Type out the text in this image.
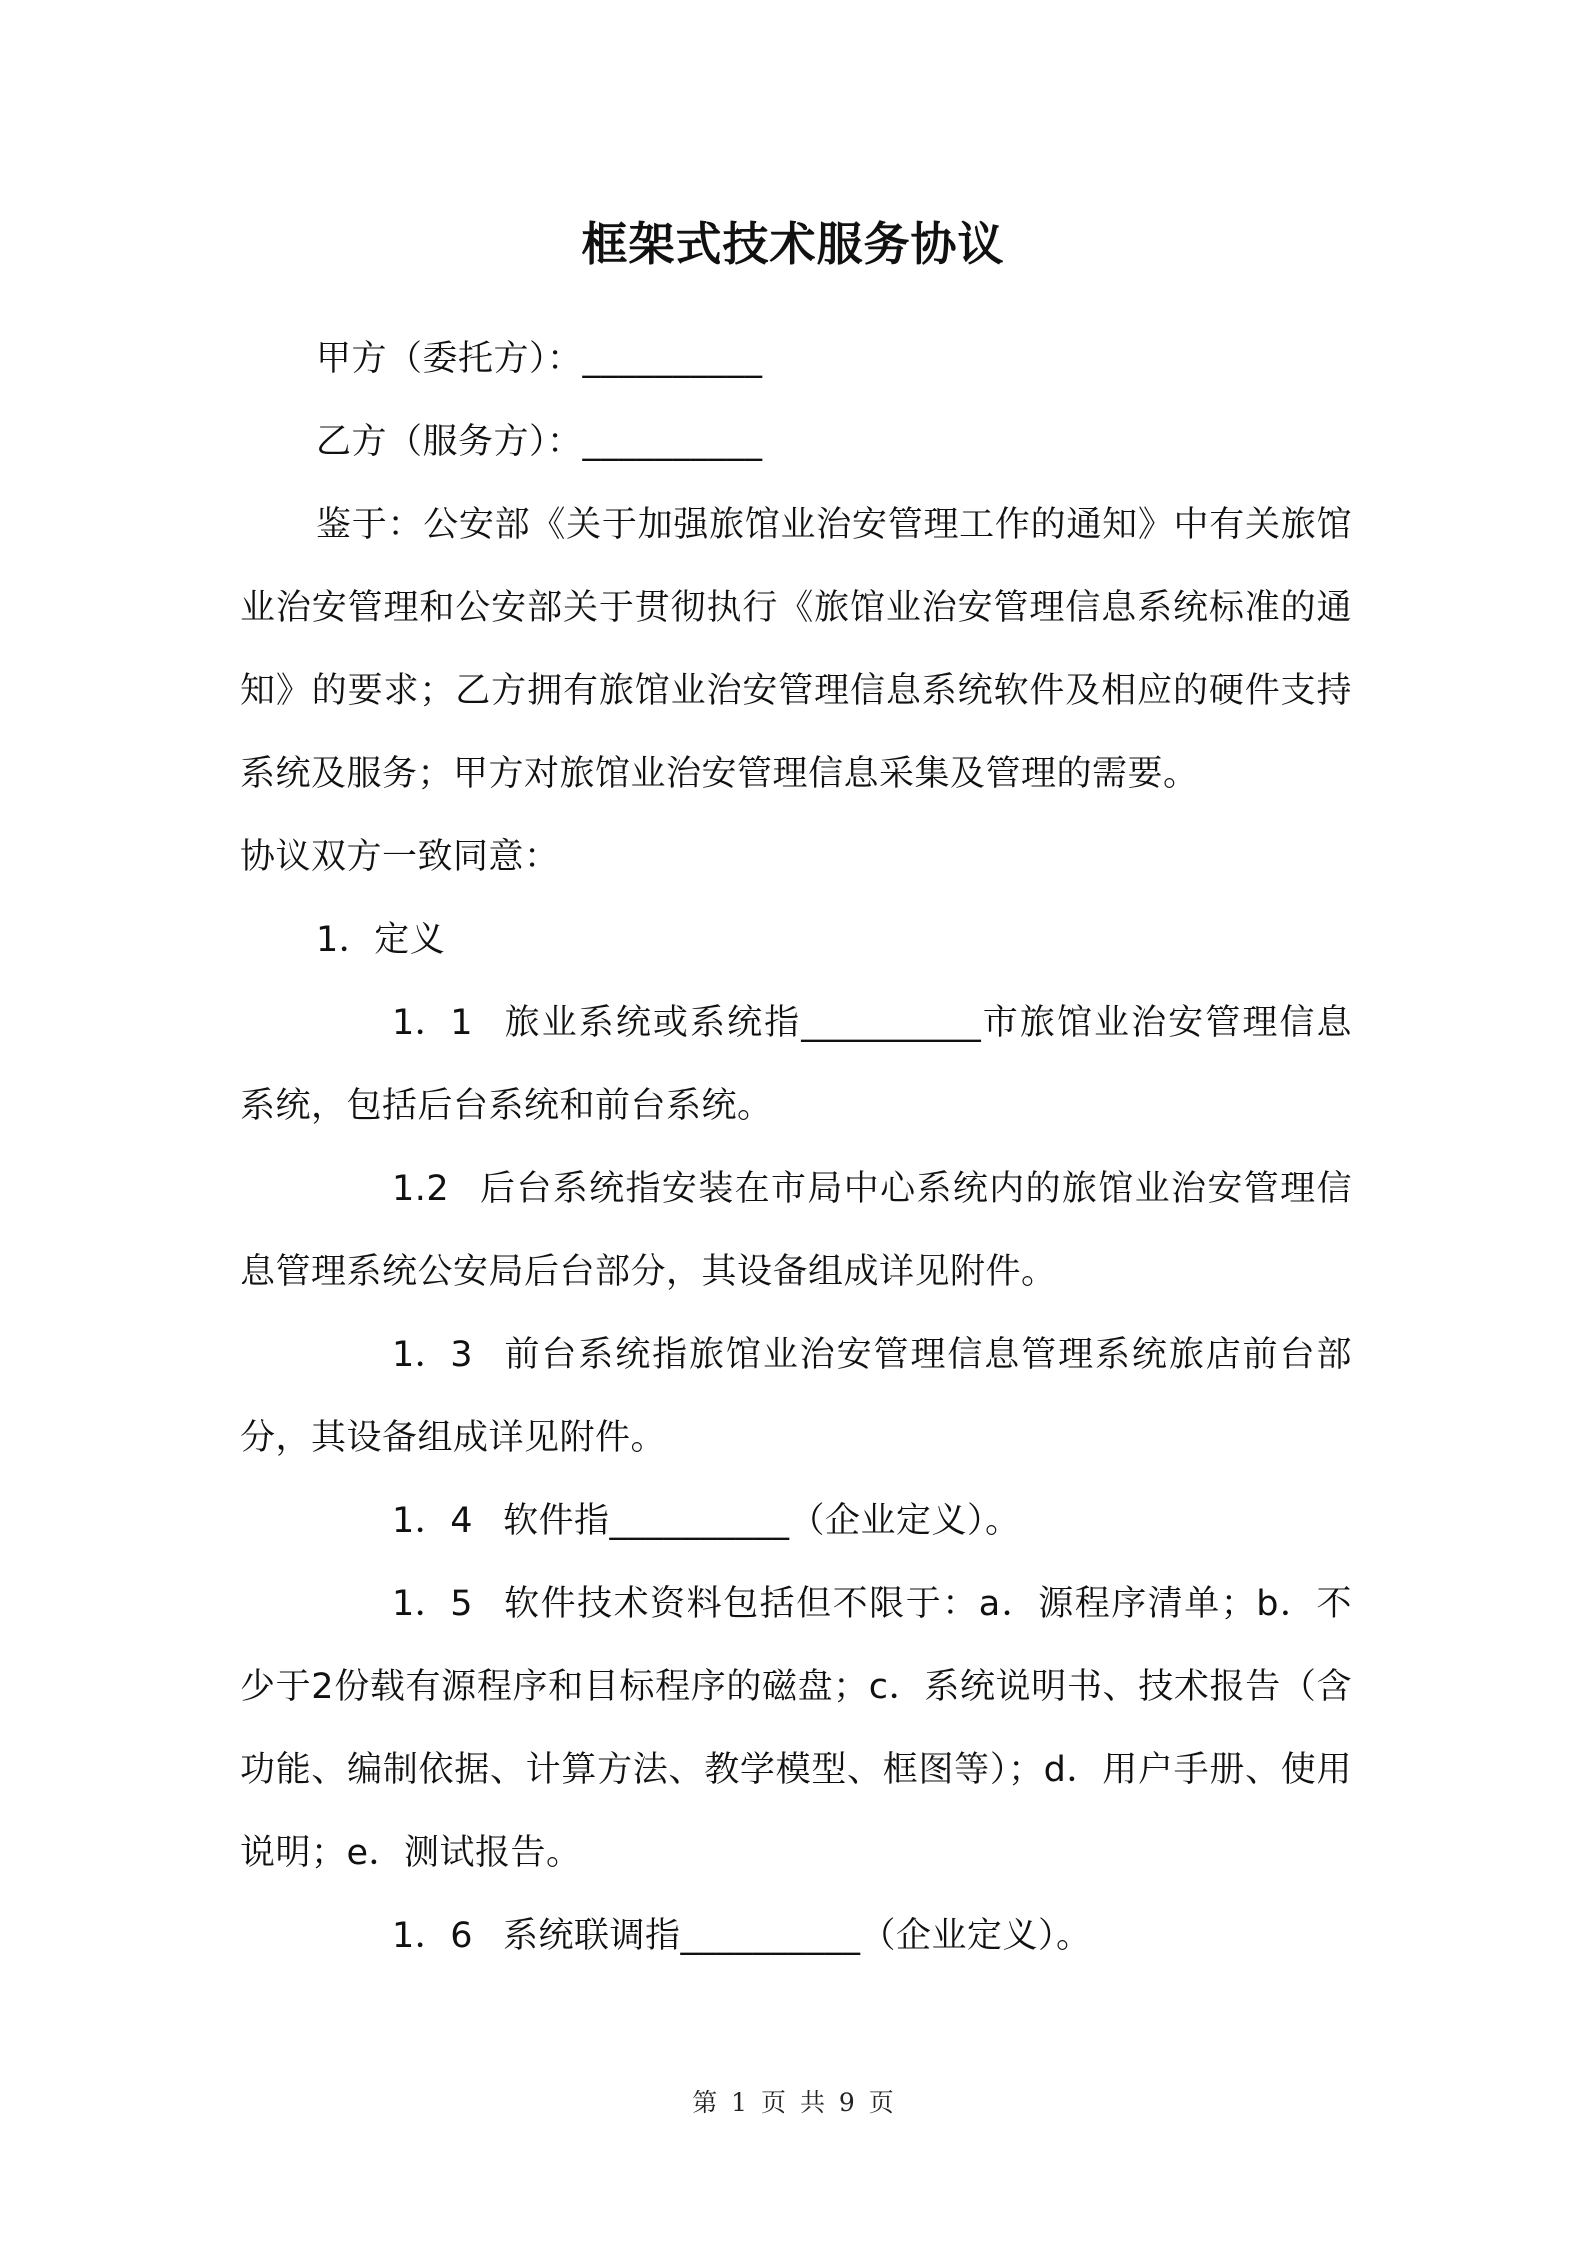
框架式技术服务协议

甲方（委托方）：__________

乙方（服务方）：__________

鉴于：公安部《关于加强旅馆业治安管理工作的通知》中有关旅馆业治安管理和公安部关于贯彻执行《旅馆业治安管理信息系统标准的通知》的要求；乙方拥有旅馆业治安管理信息系统软件及相应的硬件支持系统及服务；甲方对旅馆业治安管理信息采集及管理的需要。

协议双方一致同意：

1．定义

1．1 旅业系统或系统指__________市旅馆业治安管理信息系统，包括后台系统和前台系统。

1.2 后台系统指安装在市局中心系统内的旅馆业治安管理信息管理系统公安局后台部分，其设备组成详见附件。

1．3 前台系统指旅馆业治安管理信息管理系统旅店前台部分，其设备组成详见附件。

1．4 软件指__________（企业定义）。

1．5 软件技术资料包括但不限于：a．源程序清单；b．不少于2份载有源程序和目标程序的磁盘；c．系统说明书、技术报告（含功能、编制依据、计算方法、教学模型、框图等）；d．用户手册、使用说明；e．测试报告。

1．6 系统联调指__________（企业定义）。

第 1 页 共 9 页
